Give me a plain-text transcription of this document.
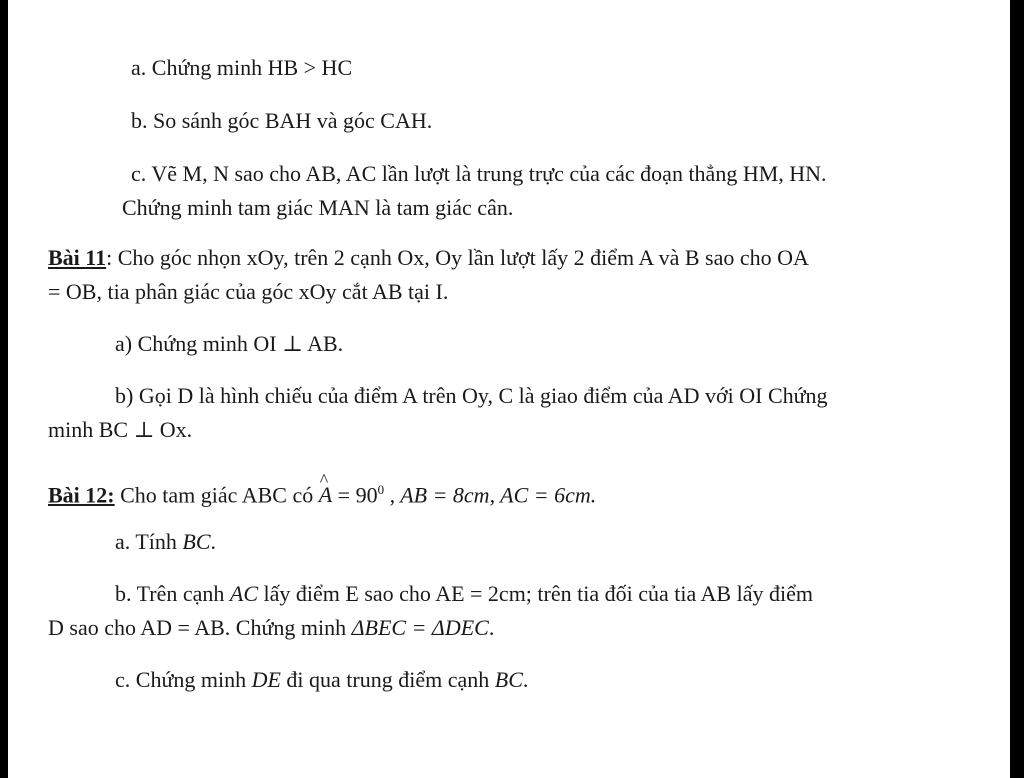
a. Chứng minh HB > HC
b. So sánh góc BAH và góc CAH.
c. Vẽ M, N sao cho AB, AC lần lượt là trung trực của các đoạn thẳng HM, HN.
Chứng minh tam giác MAN là tam giác cân.
Bài 11: Cho góc nhọn xOy, trên 2 cạnh Ox, Oy lần lượt lấy 2 điểm A và B sao cho OA
= OB, tia phân giác của góc xOy cắt AB tại I.
a) Chứng minh OI ⊥ AB.
b) Gọi D là hình chiếu của điểm A trên Oy, C là giao điểm của AD với OI Chứng
minh BC ⊥ Ox.
Bài 12: Cho tam giác ABC có ^ $A = 90^0$ , AB = 8cm, AC = 6cm.
a. Tính BC.
b. Trên cạnh AC lấy điểm E sao cho AE = 2cm; trên tia đối của tia AB lấy điểm
D sao cho AD = AB. Chứng minh ΔBEC = ΔDEC.
c. Chứng minh DE đi qua trung điểm cạnh BC.
